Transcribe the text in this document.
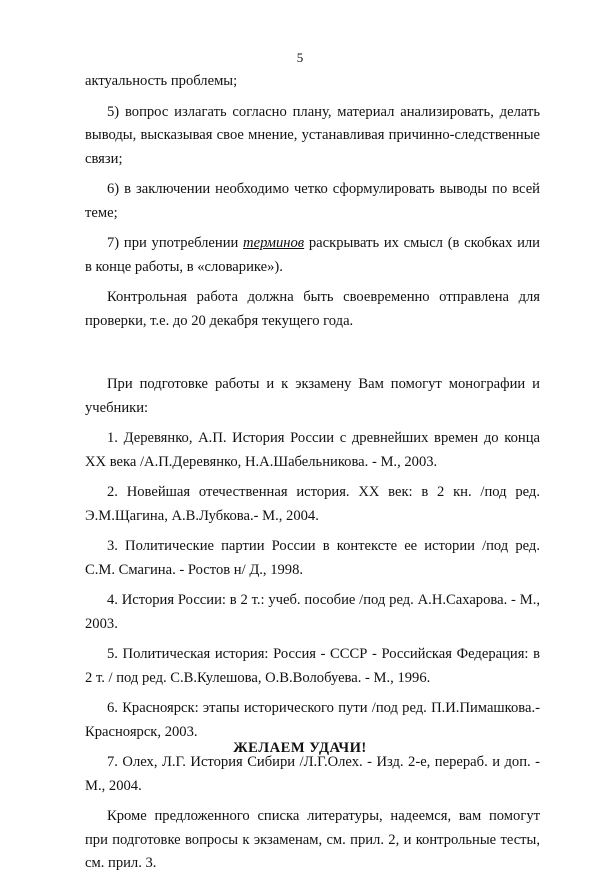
5

актуальность проблемы;

5) вопрос излагать согласно плану, материал анализировать, делать выводы, высказывая свое мнение, устанавливая причинно-следственные связи;

6) в заключении необходимо четко сформулировать выводы по всей теме;

7) при употреблении терминов раскрывать их смысл (в скобках или в конце работы, в «словарике»).

Контрольная работа должна быть своевременно отправлена для проверки, т.е. до 20 декабря текущего года.

При подготовке работы и к экзамену Вам помогут монографии и учебники:

1. Деревянко, А.П. История России с древнейших времен до конца XX века /А.П.Деревянко, Н.А.Шабельникова. - М., 2003.

2. Новейшая отечественная история. XX век: в 2 кн. /под ред. Э.М.Щагина, А.В.Лубкова.- М., 2004.

3. Политические партии России в контексте ее истории /под ред. С.М. Смагина. - Ростов н/ Д., 1998.

4. История России: в 2 т.: учеб. пособие /под ред. А.Н.Сахарова. - М., 2003.

5. Политическая история: Россия - СССР - Российская Федерация: в 2 т. / под ред. С.В.Кулешова, О.В.Волобуева. - М., 1996.

6. Красноярск: этапы исторического пути /под ред. П.И.Пимашкова.- Красноярск, 2003.

7. Олех, Л.Г. История Сибири /Л.Г.Олех. - Изд. 2-е, перераб. и доп. - М., 2004.

Кроме предложенного списка литературы, надеемся, вам помогут при подготовке вопросы к экзаменам, см. прил. 2, и контрольные тесты, см. прил. 3.

ЖЕЛАЕМ УДАЧИ!
